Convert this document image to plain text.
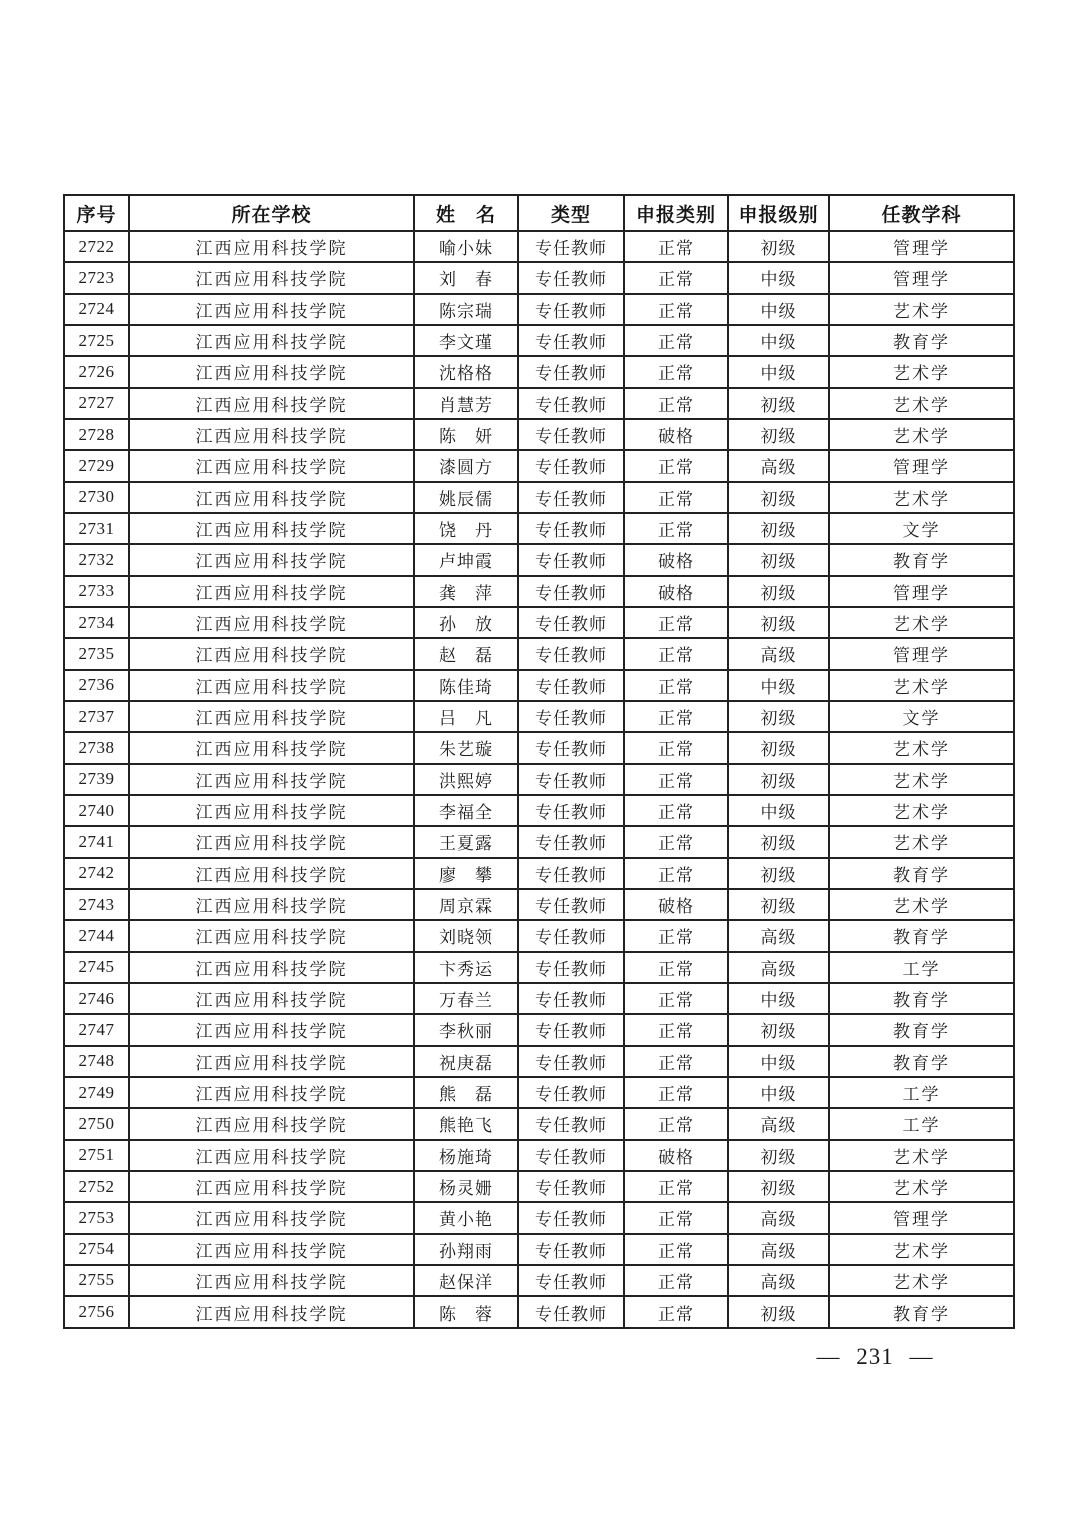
序号	所在学校	姓　名	类型	申报类别	申报级别	任教学科
2722	江西应用科技学院	喻小妹	专任教师	正常	初级	管理学
2723	江西应用科技学院	刘　春	专任教师	正常	中级	管理学
2724	江西应用科技学院	陈宗瑞	专任教师	正常	中级	艺术学
2725	江西应用科技学院	李文瑾	专任教师	正常	中级	教育学
2726	江西应用科技学院	沈格格	专任教师	正常	中级	艺术学
2727	江西应用科技学院	肖慧芳	专任教师	正常	初级	艺术学
2728	江西应用科技学院	陈　妍	专任教师	破格	初级	艺术学
2729	江西应用科技学院	漆圆方	专任教师	正常	高级	管理学
2730	江西应用科技学院	姚辰儒	专任教师	正常	初级	艺术学
2731	江西应用科技学院	饶　丹	专任教师	正常	初级	文学
2732	江西应用科技学院	卢坤霞	专任教师	破格	初级	教育学
2733	江西应用科技学院	龚　萍	专任教师	破格	初级	管理学
2734	江西应用科技学院	孙　放	专任教师	正常	初级	艺术学
2735	江西应用科技学院	赵　磊	专任教师	正常	高级	管理学
2736	江西应用科技学院	陈佳琦	专任教师	正常	中级	艺术学
2737	江西应用科技学院	吕　凡	专任教师	正常	初级	文学
2738	江西应用科技学院	朱艺璇	专任教师	正常	初级	艺术学
2739	江西应用科技学院	洪熙婷	专任教师	正常	初级	艺术学
2740	江西应用科技学院	李福全	专任教师	正常	中级	艺术学
2741	江西应用科技学院	王夏露	专任教师	正常	初级	艺术学
2742	江西应用科技学院	廖　攀	专任教师	正常	初级	教育学
2743	江西应用科技学院	周京霖	专任教师	破格	初级	艺术学
2744	江西应用科技学院	刘晓领	专任教师	正常	高级	教育学
2745	江西应用科技学院	卞秀运	专任教师	正常	高级	工学
2746	江西应用科技学院	万春兰	专任教师	正常	中级	教育学
2747	江西应用科技学院	李秋丽	专任教师	正常	初级	教育学
2748	江西应用科技学院	祝庚磊	专任教师	正常	中级	教育学
2749	江西应用科技学院	熊　磊	专任教师	正常	中级	工学
2750	江西应用科技学院	熊艳飞	专任教师	正常	高级	工学
2751	江西应用科技学院	杨施琦	专任教师	破格	初级	艺术学
2752	江西应用科技学院	杨灵姗	专任教师	正常	初级	艺术学
2753	江西应用科技学院	黄小艳	专任教师	正常	高级	管理学
2754	江西应用科技学院	孙翔雨	专任教师	正常	高级	艺术学
2755	江西应用科技学院	赵保洋	专任教师	正常	高级	艺术学
2756	江西应用科技学院	陈　蓉	专任教师	正常	初级	教育学
— 231 —
